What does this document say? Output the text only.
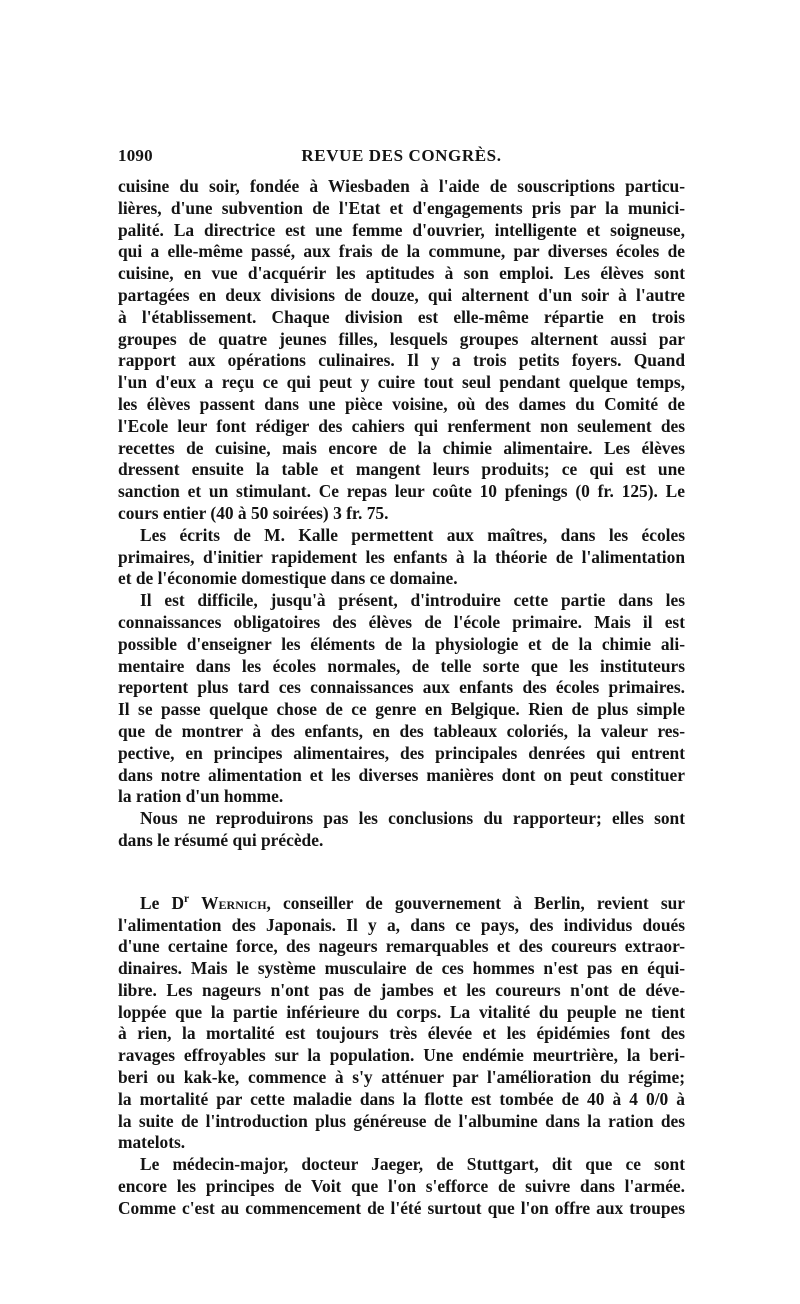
1090	REVUE DES CONGRÈS.
cuisine du soir, fondée à Wiesbaden à l'aide de souscriptions particu-
lières, d'une subvention de l'Etat et d'engagements pris par la munici-
palité. La directrice est une femme d'ouvrier, intelligente et soigneuse,
qui a elle-même passé, aux frais de la commune, par diverses écoles de
cuisine, en vue d'acquérir les aptitudes à son emploi. Les élèves sont
partagées en deux divisions de douze, qui alternent d'un soir à l'autre
à l'établissement. Chaque division est elle-même répartie en trois
groupes de quatre jeunes filles, lesquels groupes alternent aussi par
rapport aux opérations culinaires. Il y a trois petits foyers. Quand
l'un d'eux a reçu ce qui peut y cuire tout seul pendant quelque temps,
les élèves passent dans une pièce voisine, où des dames du Comité de
l'Ecole leur font rédiger des cahiers qui renferment non seulement des
recettes de cuisine, mais encore de la chimie alimentaire. Les élèves
dressent ensuite la table et mangent leurs produits; ce qui est une
sanction et un stimulant. Ce repas leur coûte 10 pfenings (0 fr. 125). Le
cours entier (40 à 50 soirées) 3 fr. 75.
Les écrits de M. Kalle permettent aux maîtres, dans les écoles
primaires, d'initier rapidement les enfants à la théorie de l'alimentation
et de l'économie domestique dans ce domaine.
Il est difficile, jusqu'à présent, d'introduire cette partie dans les
connaissances obligatoires des élèves de l'école primaire. Mais il est
possible d'enseigner les éléments de la physiologie et de la chimie ali-
mentaire dans les écoles normales, de telle sorte que les instituteurs
reportent plus tard ces connaissances aux enfants des écoles primaires.
Il se passe quelque chose de ce genre en Belgique. Rien de plus simple
que de montrer à des enfants, en des tableaux coloriés, la valeur res-
pective, en principes alimentaires, des principales denrées qui entrent
dans notre alimentation et les diverses manières dont on peut constituer
la ration d'un homme.
Nous ne reproduirons pas les conclusions du rapporteur; elles sont
dans le résumé qui précède.
Le $D^r$ Wernich, conseiller de gouvernement à Berlin, revient sur
l'alimentation des Japonais. Il y a, dans ce pays, des individus doués
d'une certaine force, des nageurs remarquables et des coureurs extraor-
dinaires. Mais le système musculaire de ces hommes n'est pas en équi-
libre. Les nageurs n'ont pas de jambes et les coureurs n'ont de déve-
loppée que la partie inférieure du corps. La vitalité du peuple ne tient
à rien, la mortalité est toujours très élevée et les épidémies font des
ravages effroyables sur la population. Une endémie meurtrière, la beri-
beri ou kak-ke, commence à s'y atténuer par l'amélioration du régime;
la mortalité par cette maladie dans la flotte est tombée de 40 à 4 0/0 à
la suite de l'introduction plus généreuse de l'albumine dans la ration des
matelots.
Le médecin-major, docteur Jaeger, de Stuttgart, dit que ce sont
encore les principes de Voit que l'on s'efforce de suivre dans l'armée.
Comme c'est au commencement de l'été surtout que l'on offre aux troupes
